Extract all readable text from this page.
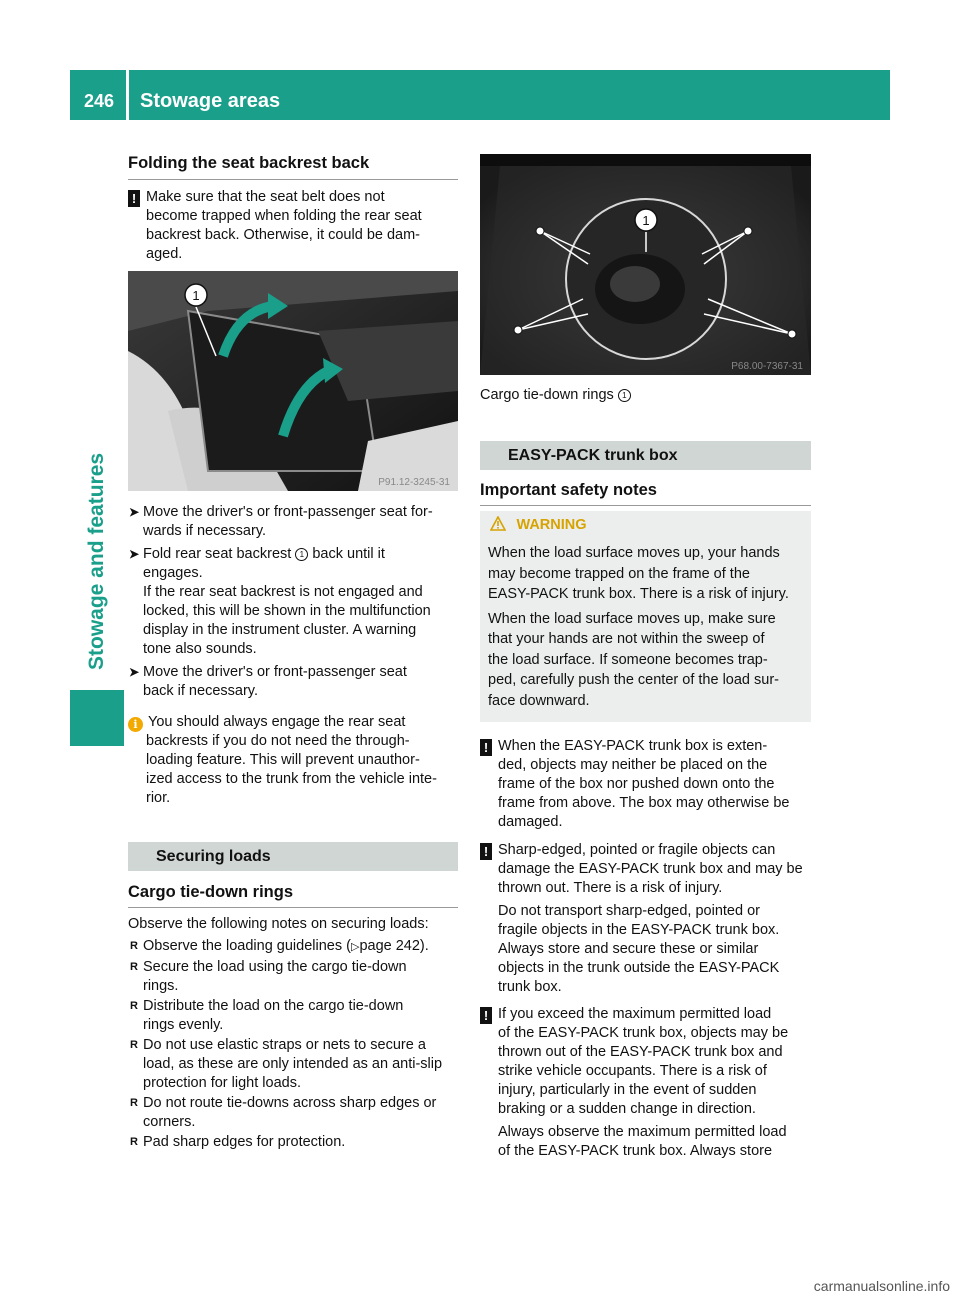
246	Stowage areas
Stowage and features
Folding the seat backrest back
! Make sure that the seat belt does not
become trapped when folding the rear seat
backrest back. Otherwise, it could be dam-
aged.
1
P91.12-3245-31
➤ Move the driver's or front-passenger seat for-
wards if necessary.
➤ Fold rear seat backrest 1 back until it
engages.
If the rear seat backrest is not engaged and
locked, this will be shown in the multifunction
display in the instrument cluster. A warning
tone also sounds.
➤ Move the driver's or front-passenger seat
back if necessary.
i You should always engage the rear seat
backrests if you do not need the through-
loading feature. This will prevent unauthor-
ized access to the trunk from the vehicle inte-
rior.
Securing loads
Cargo tie-down rings
Observe the following notes on securing loads:
R Observe the loading guidelines (▷page 242).
R Secure the load using the cargo tie-down
rings.
R Distribute the load on the cargo tie-down
rings evenly.
R Do not use elastic straps or nets to secure a
load, as these are only intended as an anti-slip
protection for light loads.
R Do not route tie-downs across sharp edges or
corners.
R Pad sharp edges for protection.
1
P68.00-7367-31
Cargo tie-down rings 1
EASY-PACK trunk box
Important safety notes
WARNING
When the load surface moves up, your hands
may become trapped on the frame of the
EASY-PACK trunk box. There is a risk of injury.
When the load surface moves up, make sure
that your hands are not within the sweep of
the load surface. If someone becomes trap-
ped, carefully push the center of the load sur-
face downward.
! When the EASY-PACK trunk box is exten-
ded, objects may neither be placed on the
frame of the box nor pushed down onto the
frame from above. The box may otherwise be
damaged.
! Sharp-edged, pointed or fragile objects can
damage the EASY-PACK trunk box and may be
thrown out. There is a risk of injury.
Do not transport sharp-edged, pointed or
fragile objects in the EASY-PACK trunk box.
Always store and secure these or similar
objects in the trunk outside the EASY-PACK
trunk box.
! If you exceed the maximum permitted load
of the EASY-PACK trunk box, objects may be
thrown out of the EASY-PACK trunk box and
strike vehicle occupants. There is a risk of
injury, particularly in the event of sudden
braking or a sudden change in direction.
Always observe the maximum permitted load
of the EASY-PACK trunk box. Always store
carmanualsonline.info
